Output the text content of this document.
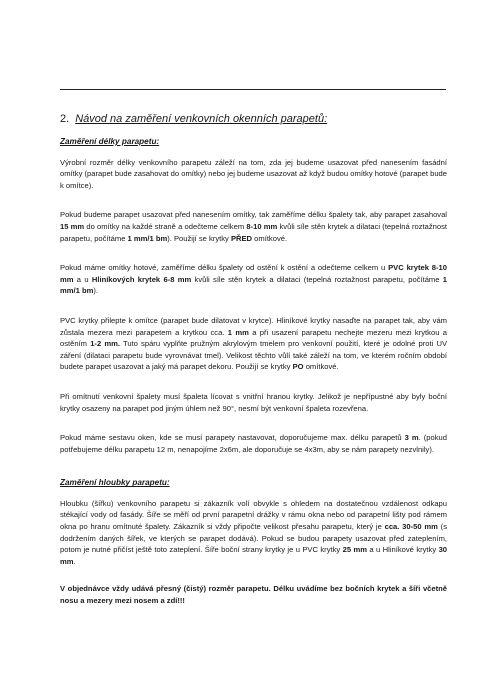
2. Návod na zaměření venkovních okenních parapetů:
Zaměření délky parapetu:

Výrobní rozměr délky venkovního parapetu záleží na tom, zda jej budeme usazovat před nanesením fasádní omítky (parapet bude zasahovat do omítky) nebo jej budeme usazovat až když budou omítky hotové (parapet bude k omítce).

Pokud budeme parapet usazovat před nanesením omítky, tak zaměříme délku špalety tak, aby parapet zasahoval 15 mm do omítky na každé straně a odečteme celkem 8-10 mm kvůli síle stěn krytek a dilataci (tepelná roztažnost parapetu, počítáme 1 mm/1 bm). Použijí se krytky PŘED omítkové.

Pokud máme omítky hotové, zaměříme délku špalety od ostění k ostění a odečteme celkem u PVC krytek 8-10 mm a u Hliníkových krytek 6-8 mm kvůli síle stěn krytek a dilataci (tepelná roztažnost parapetu, počítáme 1 mm/1 bm).

PVC krytky přilepte k omítce (parapet bude dilatovat v krytce). Hliníkové krytky nasaďte na parapet tak, aby vám zůstala mezera mezi parapetem a krytkou cca. 1 mm a při usazení parapetu nechejte mezeru mezi krytkou a ostěním 1-2 mm. Tuto spáru vyplňte pružným akrylovým tmelem pro venkovní použití, které je odolné proti UV záření (dilataci parapetu bude vyrovnávat tmel). Velikost těchto vůlí také záleží na tom, ve kterém ročním období budete parapet usazovat a jaký má parapet dekoru. Použijí se krytky PO omítkové.

Při omítnutí venkovní špalety musí špaleta lícovat s vnitřní hranou krytky. Jelikož je nepřípustné aby byly boční krytky osazeny na parapet pod jiným úhlem než 90°, nesmí být venkovní špaleta rozevřena.

Pokud máme sestavu oken, kde se musí parapety nastavovat, doporučujeme max. délku parapetů 3 m. (pokud potřebujeme délku parapetu 12 m, nenapojíme 2x6m, ale doporučuje se 4x3m, aby se nám parapety nezvlnily).

Zaměření hloubky parapetu:

Hloubku (šířku) venkovního parapetu si zákazník volí obvykle s ohledem na dostatečnou vzdálenost odkapu stékající vody od fasády. Šíře se měří od první parapetní drážky v rámu okna nebo od parapetní lišty pod rámem okna po hranu omítnuté špalety. Zákazník si vždy připočte velikost přesahu parapetu, který je cca. 30-50 mm (s dodržením daných šířek, ve kterých se parapet dodává). Pokud se budou parapety usazovat před zateplením, potom je nutné přičíst ještě toto zateplení. Šíře boční strany krytky je u PVC krytky 25 mm a u Hliníkové krytky 30 mm.

V objednávce vždy udává přesný (čistý) rozměr parapetu. Délku uvádíme bez bočních krytek a šíři včetně nosu a mezery mezi nosem a zdí!!!
